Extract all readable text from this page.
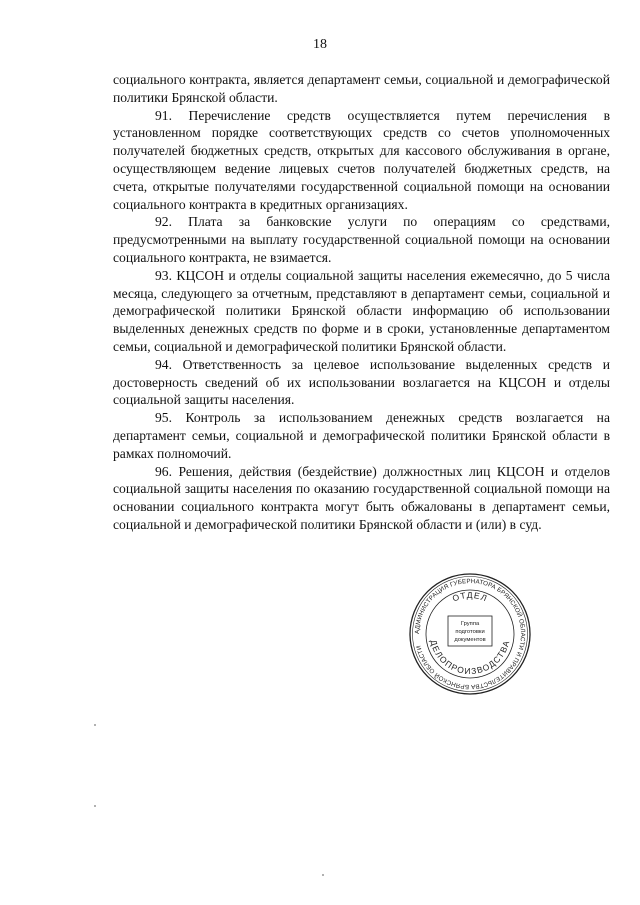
18

социального контракта, является департамент семьи, социальной и демографической политики Брянской области.

91. Перечисление средств осуществляется путем перечисления в установленном порядке соответствующих средств со счетов уполномоченных получателей бюджетных средств, открытых для кассового обслуживания в органе, осуществляющем ведение лицевых счетов получателей бюджетных средств, на счета, открытые получателями государственной социальной помощи на основании социального контракта в кредитных организациях.

92. Плата за банковские услуги по операциям со средствами, предусмотренными на выплату государственной социальной помощи на основании социального контракта, не взимается.

93. КЦСОН и отделы социальной защиты населения ежемесячно, до 5 числа месяца, следующего за отчетным, представляют в департамент семьи, социальной и демографической политики Брянской области информацию об использовании выделенных денежных средств по форме и в сроки, установленные департаментом семьи, социальной и демографической политики Брянской области.

94. Ответственность за целевое использование выделенных средств и достоверность сведений об их использовании возлагается на КЦСОН и отделы социальной защиты населения.

95. Контроль за использованием денежных средств возлагается на департамент семьи, социальной и демографической политики Брянской области в рамках полномочий.

96. Решения, действия (бездействие) должностных лиц КЦСОН и отделов социальной защиты населения по оказанию государственной социальной помощи на основании социального контракта могут быть обжалованы в департамент семьи, социальной и демографической политики Брянской области и (или) в суд.

АДМИНИСТРАЦИЯ ГУБЕРНАТОРА БРЯНСКОЙ ОБЛАСТИ И ПРАВИТЕЛЬСТВА БРЯНСКОЙ ОБЛАСТИ
ОТДЕЛ
ДЕЛОПРОИЗВОДСТВА
Группа
подготовки
документов
